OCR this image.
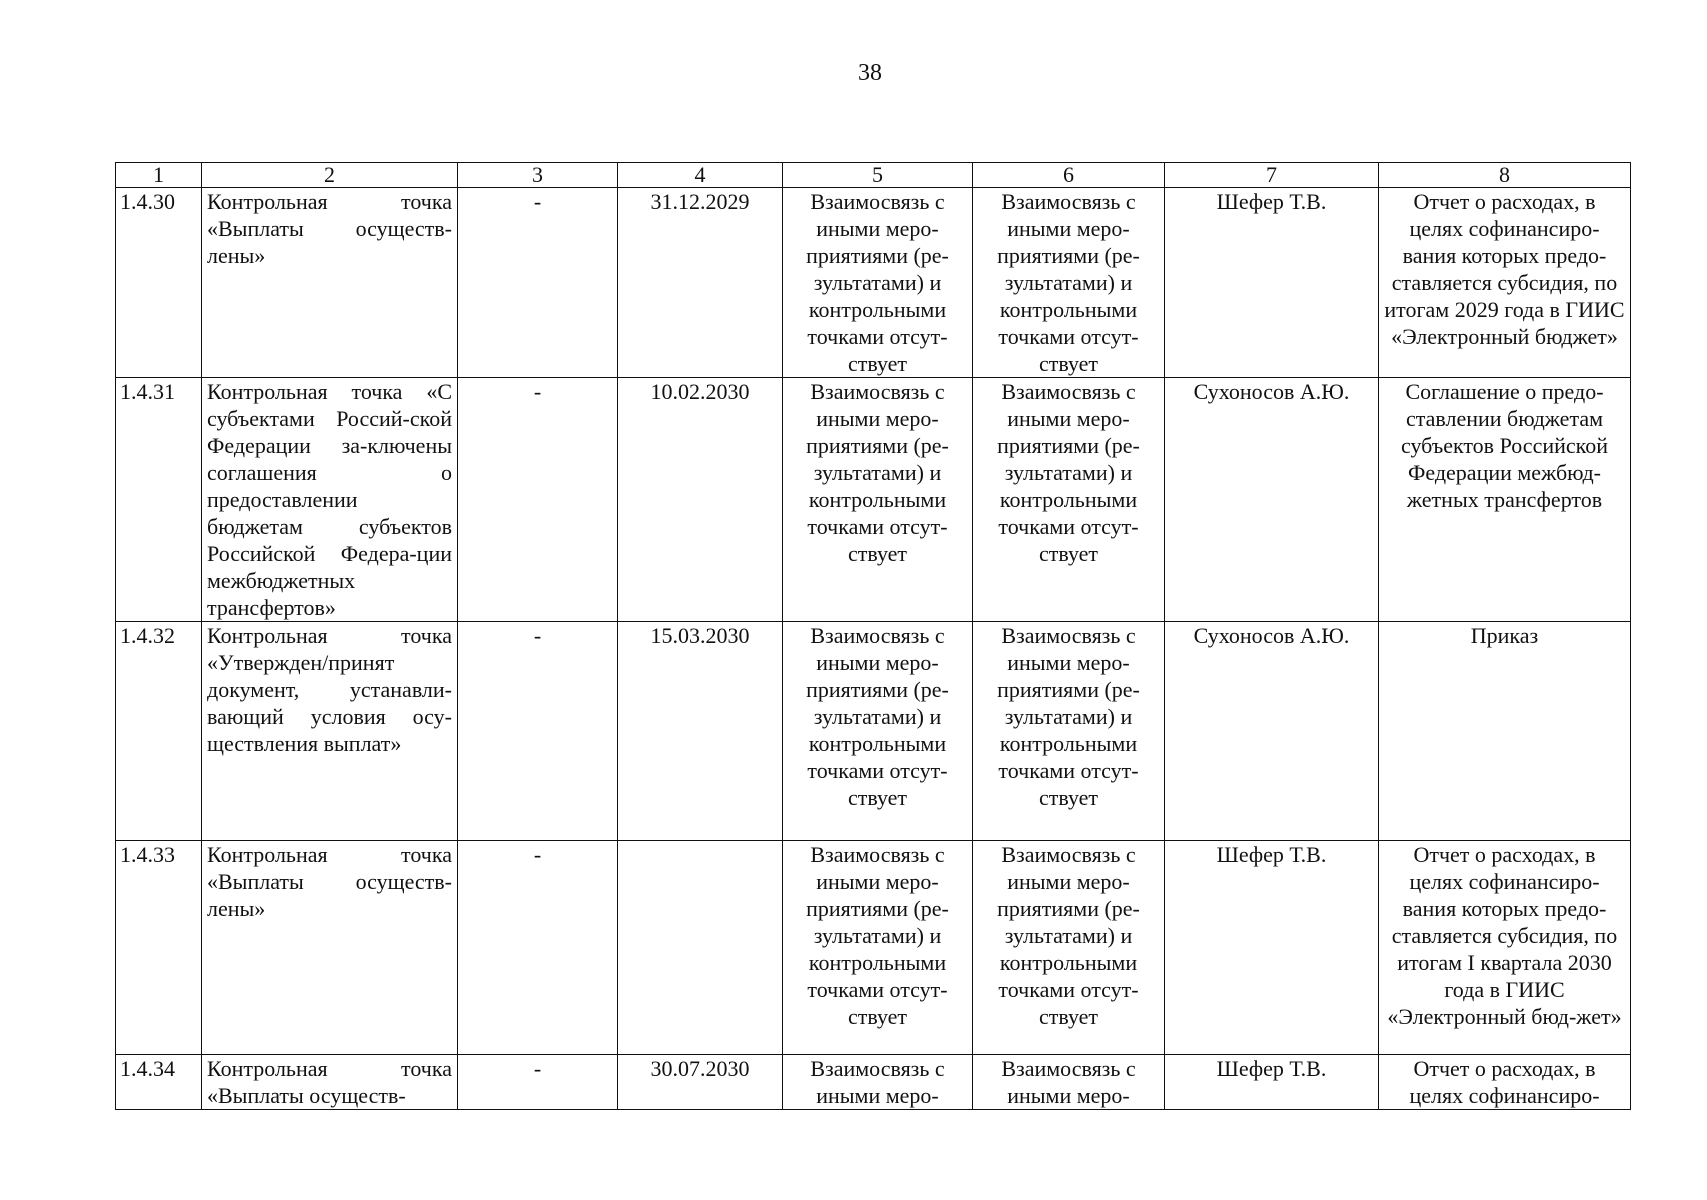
38
1	2	3	4	5	6	7	8
1.4.30	Контрольная точка «Выплаты осуществ-лены»	-	31.12.2029	Взаимосвязь с иными меро-приятиями (ре-зультатами) и контрольными точками отсут-ствует	Взаимосвязь с иными меро-приятиями (ре-зультатами) и контрольными точками отсут-ствует	Шефер Т.В.	Отчет о расходах, в целях софинансиро-вания которых предо-ставляется субсидия, по итогам 2029 года в ГИИС «Электронный бюджет»
1.4.31	Контрольная точка «С субъектами Россий-ской Федерации за-ключены соглашения о предоставлении бюджетам субъектов Российской Федера-ции межбюджетных трансфертов»	-	10.02.2030	Взаимосвязь с иными меро-приятиями (ре-зультатами) и контрольными точками отсут-ствует	Взаимосвязь с иными меро-приятиями (ре-зультатами) и контрольными точками отсут-ствует	Сухоносов А.Ю.	Соглашение о предо-ставлении бюджетам субъектов Российской Федерации межбюд-жетных трансфертов
1.4.32	Контрольная точка «Утвержден/принят документ, устанавли-вающий условия осу-ществления выплат»	-	15.03.2030	Взаимосвязь с иными меро-приятиями (ре-зультатами) и контрольными точками отсут-ствует	Взаимосвязь с иными меро-приятиями (ре-зультатами) и контрольными точками отсут-ствует	Сухоносов А.Ю.	Приказ
1.4.33	Контрольная точка «Выплаты осуществ-лены»	-		Взаимосвязь с иными меро-приятиями (ре-зультатами) и контрольными точками отсут-ствует	Взаимосвязь с иными меро-приятиями (ре-зультатами) и контрольными точками отсут-ствует	Шефер Т.В.	Отчет о расходах, в целях софинансиро-вания которых предо-ставляется субсидия, по итогам I квартала 2030 года в ГИИС «Электронный бюд-жет»
1.4.34	Контрольная точка «Выплаты осуществ-	-	30.07.2030	Взаимосвязь с иными меро-	Взаимосвязь с иными меро-	Шефер Т.В.	Отчет о расходах, в целях софинансиро-
